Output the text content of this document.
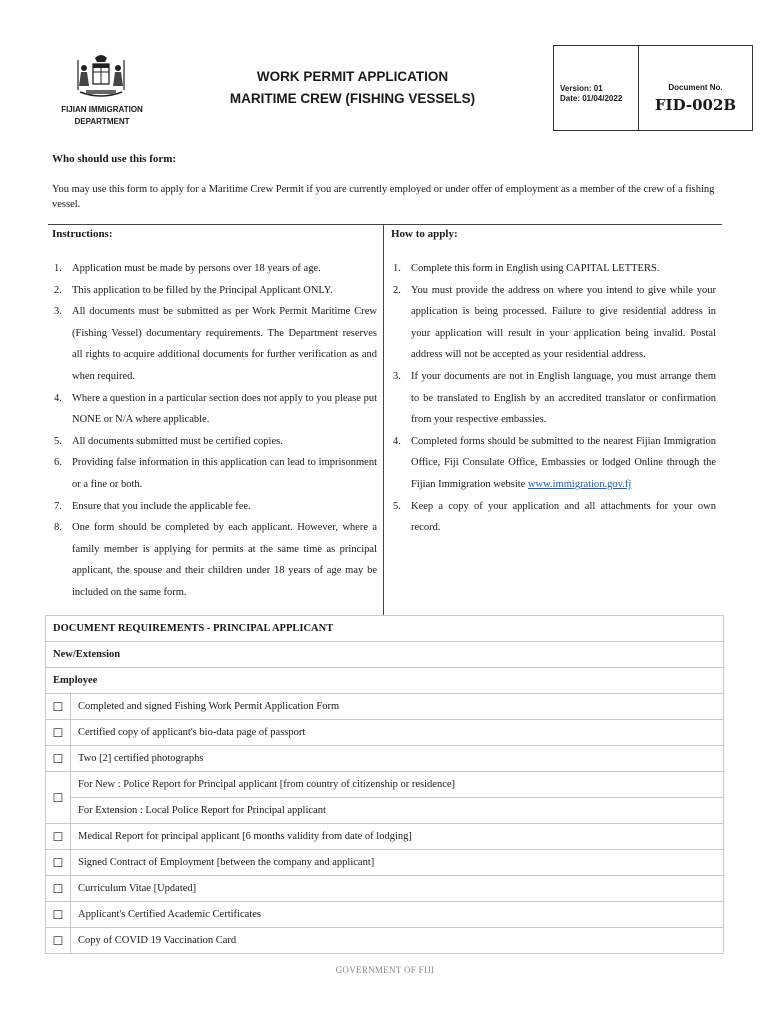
FIJIAN IMMIGRATION DEPARTMENT
WORK PERMIT APPLICATION
MARITIME CREW (FISHING VESSELS)
Version: 01
Date: 01/04/2022
Document No.
FID-002B
Who should use this form:
You may use this form to apply for a Maritime Crew Permit if you are currently employed or under offer of employment as a member of the crew of a fishing vessel.
Instructions:	How to apply:
1. Application must be made by persons over 18 years of age.
2. This application to be filled by the Principal Applicant ONLY.
3. All documents must be submitted as per Work Permit Maritime Crew (Fishing Vessel) documentary requirements. The Department reserves all rights to acquire additional documents for further verification as and when required.
4. Where a question in a particular section does not apply to you please put NONE or N/A where applicable.
5. All documents submitted must be certified copies.
6. Providing false information in this application can lead to imprisonment or a fine or both.
7. Ensure that you include the applicable fee.
8. One form should be completed by each applicant. However, where a family member is applying for permits at the same time as principal applicant, the spouse and their children under 18 years of age may be included on the same form.
1. Complete this form in English using CAPITAL LETTERS.
2. You must provide the address on where you intend to give while your application is being processed. Failure to give residential address in your application will result in your application being invalid. Postal address will not be accepted as your residential address.
3. If your documents are not in English language, you must arrange them to be translated to English by an accredited translator or confirmation from your respective embassies.
4. Completed forms should be submitted to the nearest Fijian Immigration Office, Fiji Consulate Office, Embassies or lodged Online through the Fijian Immigration website www.immigration.gov.fj
5. Keep a copy of your application and all attachments for your own record.
DOCUMENT REQUIREMENTS - PRINCIPAL APPLICANT	
New/Extension	
Employee	
☐	Completed and signed Fishing Work Permit Application Form
☐	Certified copy of applicant's bio-data page of passport
☐	Two [2] certified photographs
☐	For New : Police Report for Principal applicant [from country of citizenship or residence]
	For Extension : Local Police Report for Principal applicant
☐	Medical Report for principal applicant [6 months validity from date of lodging]
☐	Signed Contract of Employment [between the company and applicant]
☐	Curriculum Vitae [Updated]
☐	Applicant's Certified Academic Certificates
☐	Copy of COVID 19 Vaccination Card
GOVERNMENT OF FIJI
